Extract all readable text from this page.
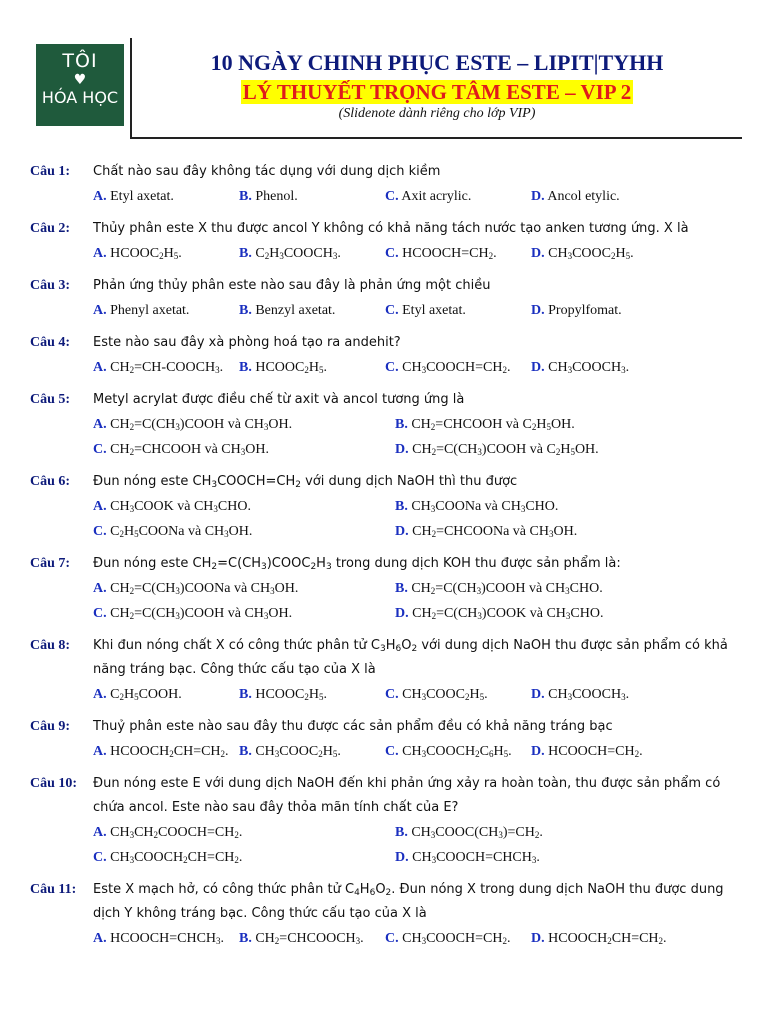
TÔI
♥
HÓA HỌC
10 NGÀY CHINH PHỤC ESTE – LIPIT|TYHH
LÝ THUYẾT TRỌNG TÂM ESTE – VIP 2
(Slidenote dành riêng cho lớp VIP)
Câu 1:	Chất nào sau đây không tác dụng với dung dịch kiềm
A. Etyl axetat.	B. Phenol.	C. Axit acrylic.	D. Ancol etylic.
Câu 2:	Thủy phân este X thu được ancol Y không có khả năng tách nước tạo anken tương ứng. X là
A. $HCOOC_2H_5$.	B. $C_2H_3COOCH_3$.	C. $HCOOCH=CH_2$.	D. $CH_3COOC_2H_5$.
Câu 3:	Phản ứng thủy phân este nào sau đây là phản ứng một chiều
A. Phenyl axetat.	B. Benzyl axetat.	C. Etyl axetat.	D. Propylfomat.
Câu 4:	Este nào sau đây xà phòng hoá tạo ra andehit?
A. $CH_2=CH-COOCH_3$.	B. $HCOOC_2H_5$.	C. $CH_3COOCH=CH_2$.	D. $CH_3COOCH_3$.
Câu 5:	Metyl acrylat được điều chế từ axit và ancol tương ứng là
A. $CH_2=C(CH_3)COOH$ và $CH_3OH$.	B. $CH_2=CHCOOH$ và $C_2H_5OH$.
C. $CH_2=CHCOOH$ và $CH_3OH$.	D. $CH_2=C(CH_3)COOH$ và $C_2H_5OH$.
Câu 6:	Đun nóng este $CH_3COOCH=CH_2$ với dung dịch NaOH thì thu được
A. $CH_3COOK$ và $CH_3CHO$.	B. $CH_3COONa$ và $CH_3CHO$.
C. $C_2H_5COONa$ và $CH_3OH$.	D. $CH_2=CHCOONa$ và $CH_3OH$.
Câu 7:	Đun nóng este $CH_2=C(CH_3)COOC_2H_3$ trong dung dịch KOH thu được sản phẩm là:
A. $CH_2=C(CH_3)COONa$ và $CH_3OH$.	B. $CH_2=C(CH_3)COOH$ và $CH_3CHO$.
C. $CH_2=C(CH_3)COOH$ và $CH_3OH$.	D. $CH_2=C(CH_3)COOK$ và $CH_3CHO$.
Câu 8:	Khi đun nóng chất X có công thức phân tử $C_3H_6O_2$ với dung dịch NaOH thu được sản phẩm có khả năng tráng bạc. Công thức cấu tạo của X là
A. $C_2H_5COOH$.	B. $HCOOC_2H_5$.	C. $CH_3COOC_2H_5$.	D. $CH_3COOCH_3$.
Câu 9:	Thuỷ phân este nào sau đây thu được các sản phẩm đều có khả năng tráng bạc
A. $HCOOCH_2CH=CH_2$. B. $CH_3COOC_2H_5$.	C. $CH_3COOCH_2C_6H_5$.	D. $HCOOCH=CH_2$.
Câu 10:	Đun nóng este E với dung dịch NaOH đến khi phản ứng xảy ra hoàn toàn, thu được sản phẩm có chứa ancol. Este nào sau đây thỏa mãn tính chất của E?
A. $CH_3CH_2COOCH=CH_2$.	B. $CH_3COOC(CH_3)=CH_2$.
C. $CH_3COOCH_2CH=CH_2$.	D. $CH_3COOCH=CHCH_3$.
Câu 11:	Este X mạch hở, có công thức phân tử $C_4H_6O_2$. Đun nóng X trong dung dịch NaOH thu được dung dịch Y không tráng bạc. Công thức cấu tạo của X là
A. $HCOOCH=CHCH_3$.	B. $CH_2=CHCOOCH_3$.	C. $CH_3COOCH=CH_2$.	D. $HCOOCH_2CH=CH_2$.
